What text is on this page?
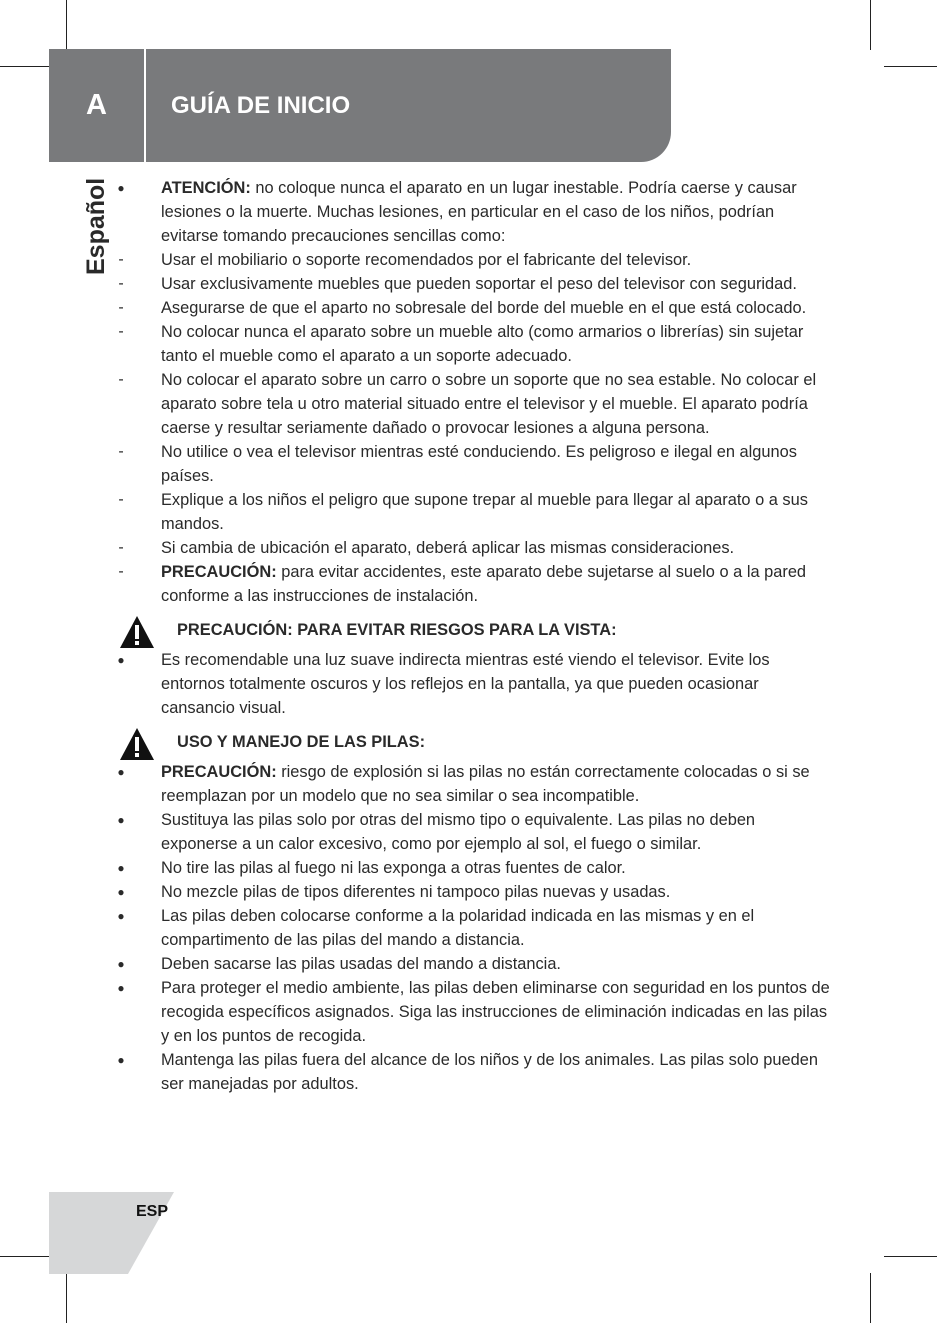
A	GUÍA DE INICIO
Español ● ATENCIÓN: no coloque nunca el aparato en un lugar inestable. Podría caerse y causar lesiones o la muerte. Muchas lesiones, en particular en el caso de los niños, podrían evitarse tomando precauciones sencillas como:
-	Usar el mobiliario o soporte recomendados por el fabricante del televisor.
-	Usar exclusivamente muebles que pueden soportar el peso del televisor con seguridad.
-	Asegurarse de que el aparto no sobresale del borde del mueble en el que está colocado.
-	No colocar nunca el aparato sobre un mueble alto (como armarios o librerías) sin sujetar tanto el mueble como el aparato a un soporte adecuado.
-	No colocar el aparato sobre un carro o sobre un soporte que no sea estable. No colocar el aparato sobre tela u otro material situado entre el televisor y el mueble. El aparato podría caerse y resultar seriamente dañado o provocar lesiones a alguna persona.
-	No utilice o vea el televisor mientras esté conduciendo. Es peligroso e ilegal en algunos países.
-	Explique a los niños el peligro que supone trepar al mueble para llegar al aparato o a sus mandos.
-	Si cambia de ubicación el aparato, deberá aplicar las mismas consideraciones.
-	PRECAUCIÓN: para evitar accidentes, este aparato debe sujetarse al suelo o a la pared conforme a las instrucciones de instalación.
PRECAUCIÓN: PARA EVITAR RIESGOS PARA LA VISTA:
● Es recomendable una luz suave indirecta mientras esté viendo el televisor. Evite los entornos totalmente oscuros y los reflejos en la pantalla, ya que pueden ocasionar cansancio visual.
USO Y MANEJO DE LAS PILAS:
● PRECAUCIÓN: riesgo de explosión si las pilas no están correctamente colocadas o si se reemplazan por un modelo que no sea similar o sea incompatible.
● Sustituya las pilas solo por otras del mismo tipo o equivalente. Las pilas no deben exponerse a un calor excesivo, como por ejemplo al sol, el fuego o similar.
● No tire las pilas al fuego ni las exponga a otras fuentes de calor.
● No mezcle pilas de tipos diferentes ni tampoco pilas nuevas y usadas.
● Las pilas deben colocarse conforme a la polaridad indicada en las mismas y en el compartimento de las pilas del mando a distancia.
● Deben sacarse las pilas usadas del mando a distancia.
● Para proteger el medio ambiente, las pilas deben eliminarse con seguridad en los puntos de recogida específicos asignados. Siga las instrucciones de eliminación indicadas en las pilas y en los puntos de recogida.
● Mantenga las pilas fuera del alcance de los niños y de los animales. Las pilas solo pueden ser manejadas por adultos.
ESP
